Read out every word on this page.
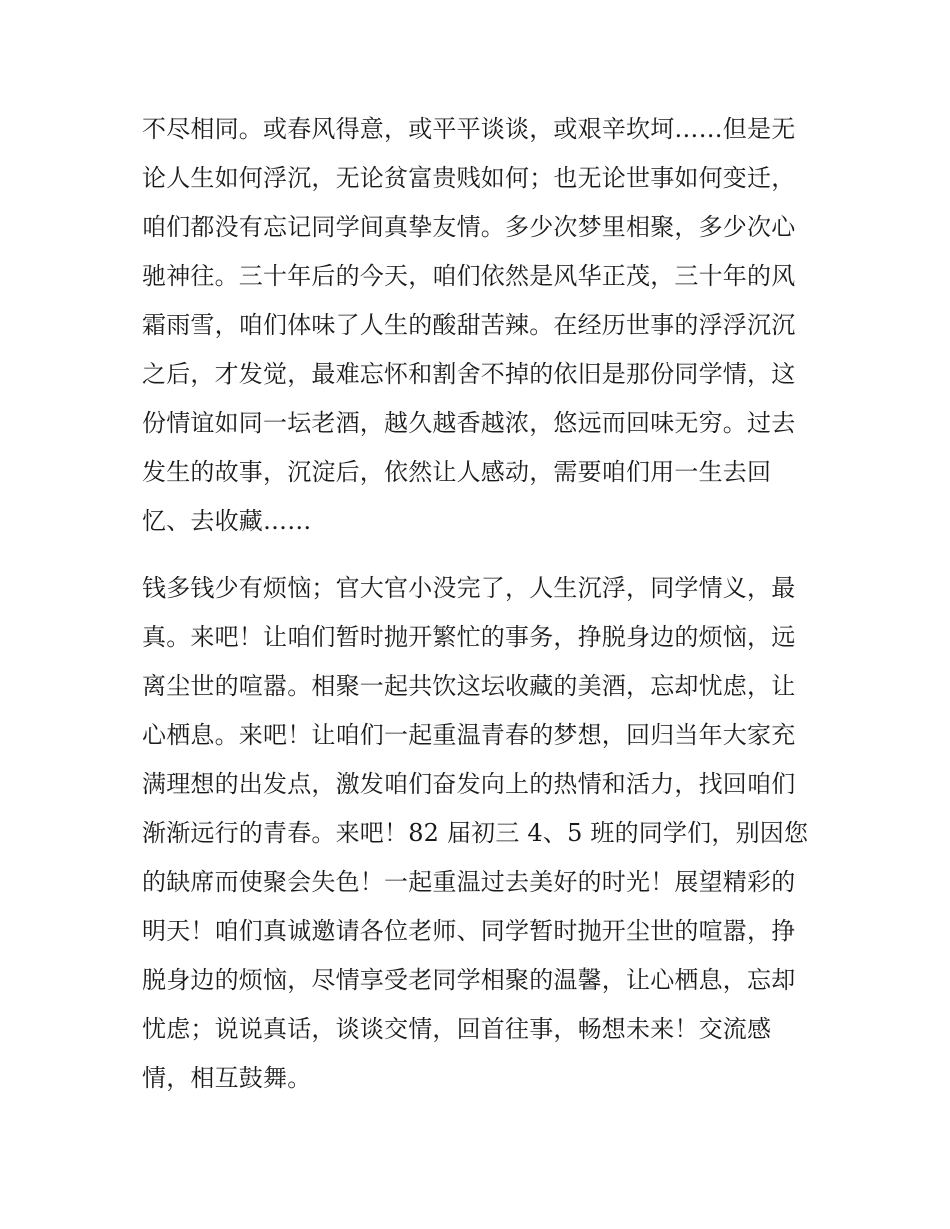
不尽相同。或春风得意，或平平谈谈，或艰辛坎坷……但是无
论人生如何浮沉，无论贫富贵贱如何；也无论世事如何变迁，
咱们都没有忘记同学间真挚友情。多少次梦里相聚，多少次心
驰神往。三十年后的今天，咱们依然是风华正茂，三十年的风
霜雨雪，咱们体味了人生的酸甜苦辣。在经历世事的浮浮沉沉
之后，才发觉，最难忘怀和割舍不掉的依旧是那份同学情，这
份情谊如同一坛老酒，越久越香越浓，悠远而回味无穷。过去
发生的故事，沉淀后，依然让人感动，需要咱们用一生去回
忆、去收藏……
钱多钱少有烦恼；官大官小没完了，人生沉浮，同学情义，最
真。来吧！让咱们暂时抛开繁忙的事务，挣脱身边的烦恼，远
离尘世的喧嚣。相聚一起共饮这坛收藏的美酒，忘却忧虑，让
心栖息。来吧！让咱们一起重温青春的梦想，回归当年大家充
满理想的出发点，激发咱们奋发向上的热情和活力，找回咱们
渐渐远行的青春。来吧！82 届初三 4、5 班的同学们，别因您
的缺席而使聚会失色！一起重温过去美好的时光！展望精彩的
明天！咱们真诚邀请各位老师、同学暂时抛开尘世的喧嚣，挣
脱身边的烦恼，尽情享受老同学相聚的温馨，让心栖息，忘却
忧虑；说说真话，谈谈交情，回首往事，畅想未来！交流感
情，相互鼓舞。
